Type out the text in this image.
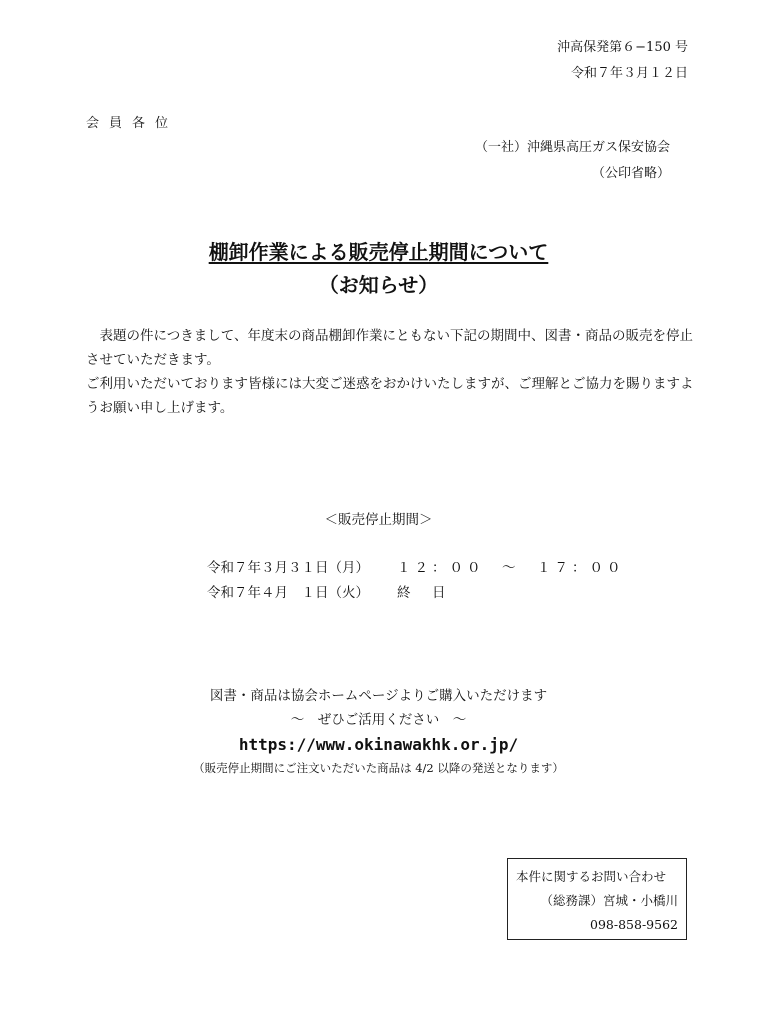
沖高保発第６−150 号
令和７年３月１２日
会員各位
（一社）沖縄県高圧ガス保安協会
（公印省略）
棚卸作業による販売停止期間について
（お知らせ）

　表題の件につきまして、年度末の商品棚卸作業にともない下記の期間中、図書・商品の販売を停止させていただきます。

ご利用いただいております皆様には大変ご迷惑をおかけいたしますが、ご理解とご協力を賜りますようお願い申し上げます。

＜販売停止期間＞
令和７年３月３１日（月）	１２：００　～　１７：００
令和７年４月　１日（火）	終　日
図書・商品は協会ホームページよりご購入いただけます
～　ぜひご活用ください　～
https://www.okinawakhk.or.jp/
（販売停止期間にご注文いただいた商品は 4/2 以降の発送となります）
本件に関するお問い合わせ
（総務課）宮城・小橋川
098-858-9562
